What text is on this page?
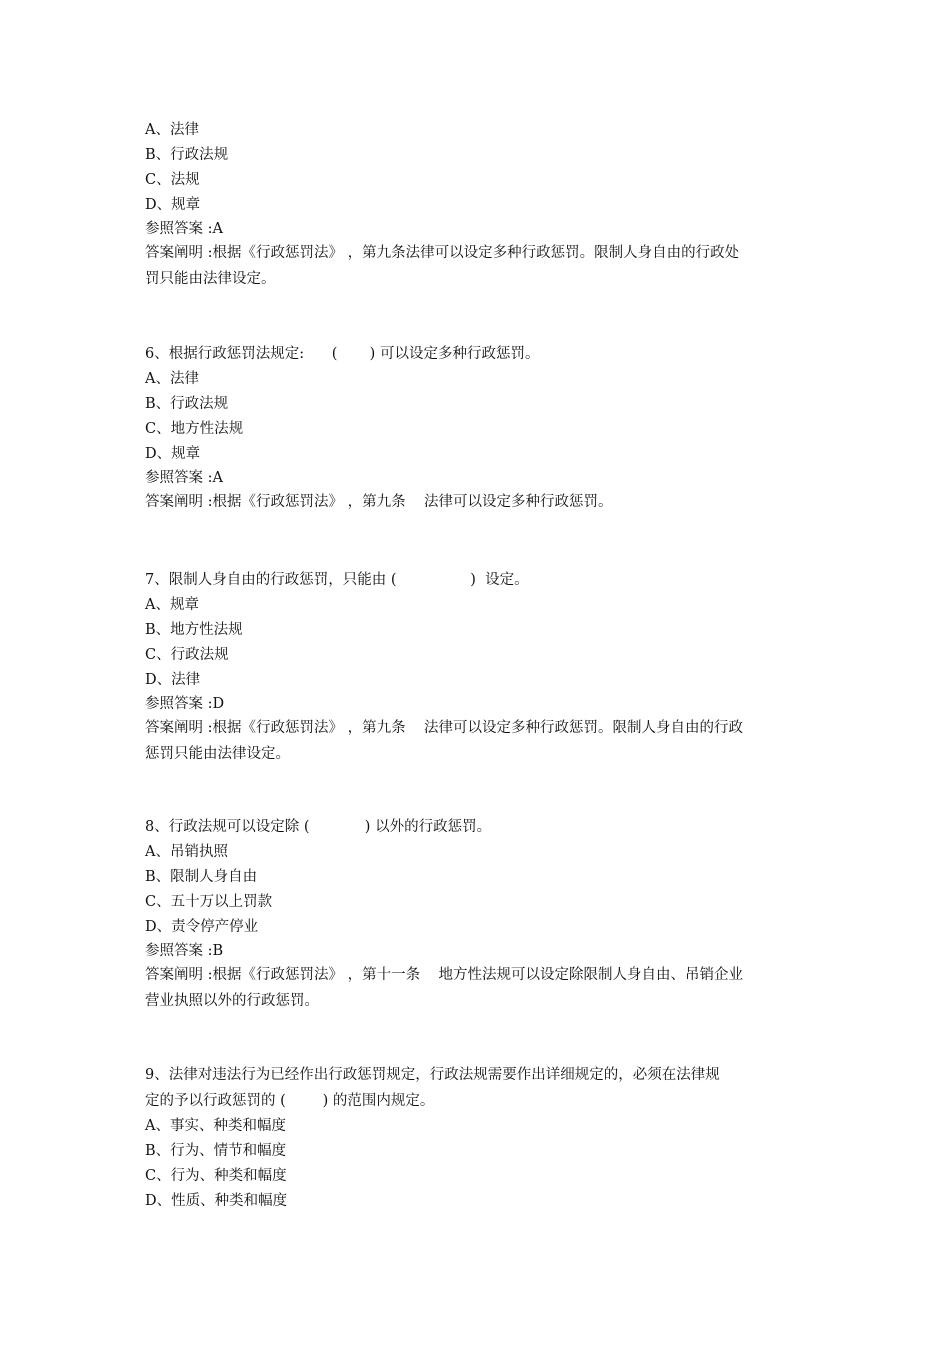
A、法律
B、行政法规
C、法规
D、规章
参照答案 :A
答案阐明 :根据《行政惩罚法》 ，第九条法律可以设定多种行政惩罚。限制人身自由的行政处
罚只能由法律设定。
6、根据行政惩罚法规定:      (       ) 可以设定多种行政惩罚。
A、法律
B、行政法规
C、地方性法规
D、规章
参照答案 :A
答案阐明 :根据《行政惩罚法》 ，第九条    法律可以设定多种行政惩罚。
7、限制人身自由的行政惩罚，只能由 (                )  设定。
A、规章
B、地方性法规
C、行政法规
D、法律
参照答案 :D
答案阐明 :根据《行政惩罚法》 ，第九条    法律可以设定多种行政惩罚。限制人身自由的行政
惩罚只能由法律设定。
8、行政法规可以设定除 (            ) 以外的行政惩罚。
A、吊销执照
B、限制人身自由
C、五十万以上罚款
D、责令停产停业
参照答案 :B
答案阐明 :根据《行政惩罚法》 ，第十一条    地方性法规可以设定除限制人身自由、吊销企业
营业执照以外的行政惩罚。
9、法律对违法行为已经作出行政惩罚规定，行政法规需要作出详细规定的，必须在法律规
定的予以行政惩罚的 (        ) 的范围内规定。
A、事实、种类和幅度
B、行为、情节和幅度
C、行为、种类和幅度
D、性质、种类和幅度
